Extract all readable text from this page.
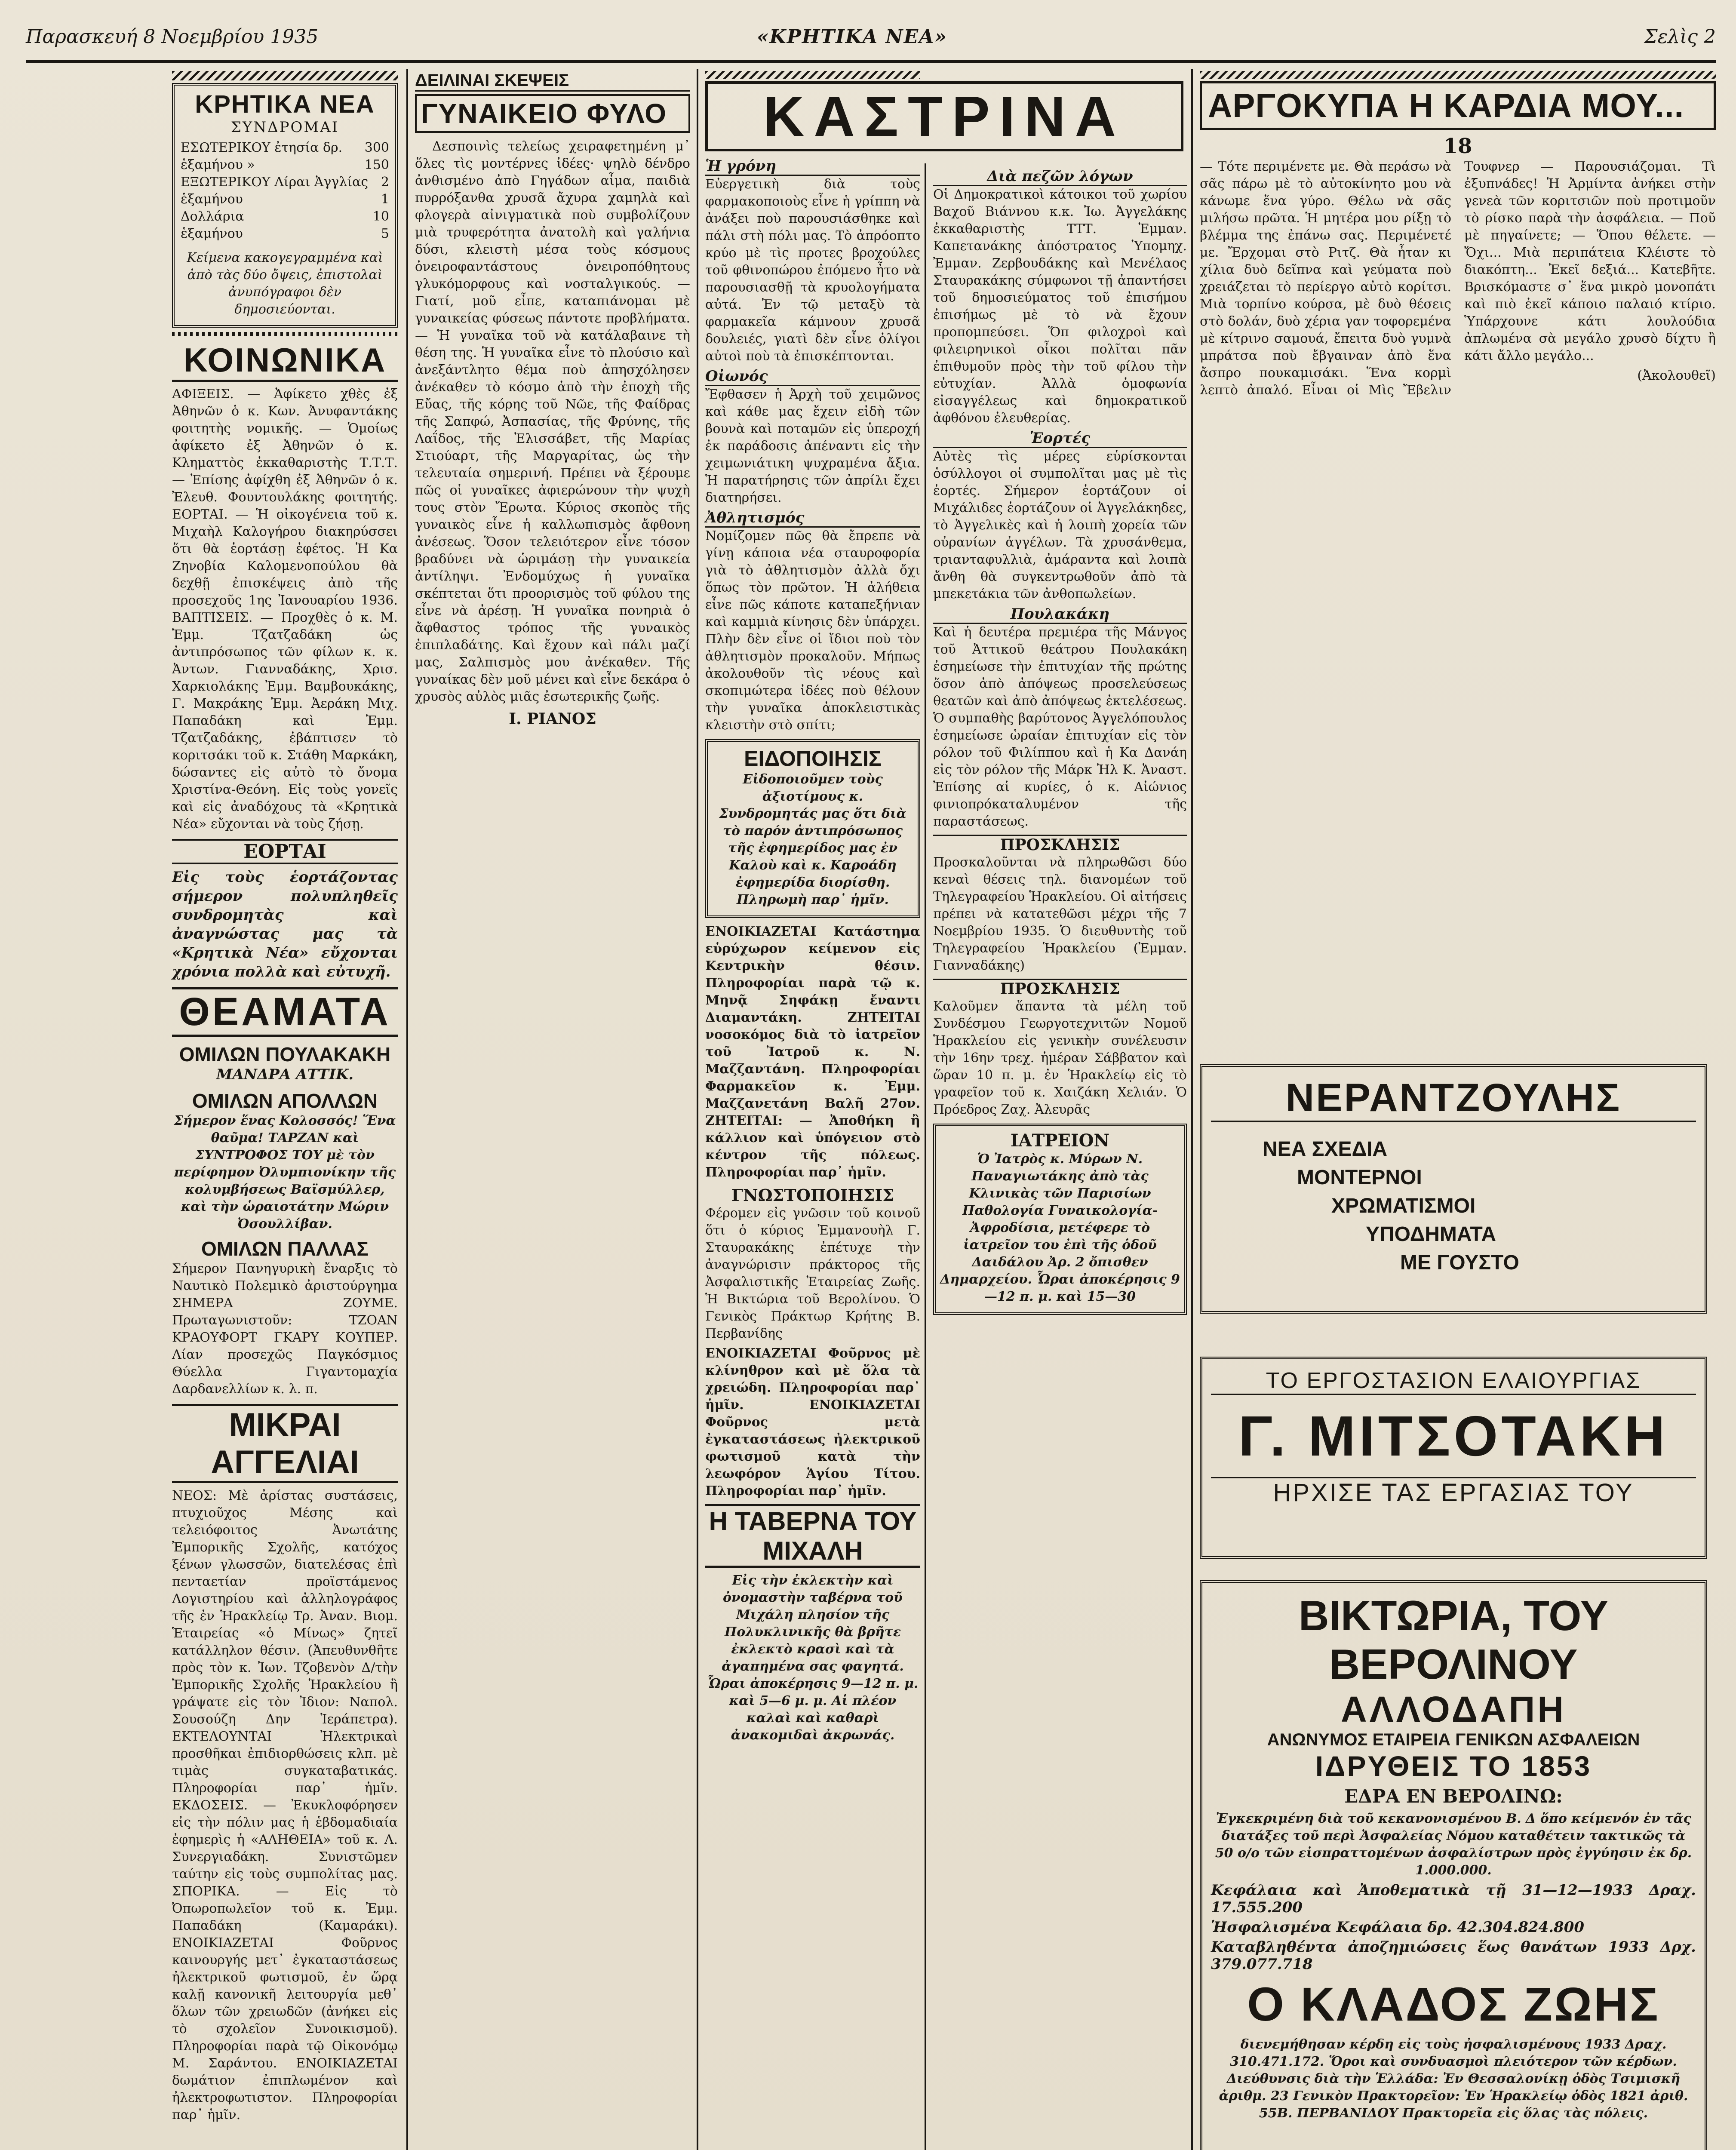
Παρασκευή 8 Νοεμβρίου 1935	«ΚΡΗΤΙΚΑ ΝΕΑ»	Σελὶς 2
ΚΡΗΤΙΚΑ ΝΕΑ
ΣΥΝΔΡΟΜΑΙ
ΕΣΩΤΕΡΙΚΟΥ ἐτησία δρ. 300
ἑξαμήνου »	150
ΕΞΩΤΕΡΙΚΟΥ Λίραι Ἀγγλίας 2
ἑξαμήνου	1
Δολλάρια	10
ἑξαμήνου	5
Κείμενα κακογεγραμμένα καὶ ἀπὸ τὰς δύο ὄψεις, ἐπιστολαὶ ἀνυπόγραφοι δὲν δημοσιεύονται.
ΚΟΙΝΩΝΙΚΑ
ΑΦΙΞΕΙΣ. — Ἀφίκετο χθὲς ἐξ Ἀθηνῶν ὁ κ. Κων. Ἀνυφαντάκης φοιτητὴς νομικῆς. — Ὁμοίως ἀφίκετο ἐξ Ἀθηνῶν ὁ κ. Κληματτὸς ἐκκαθαριστὴς Τ.Τ.Τ. — Ἐπίσης ἀφίχθη ἐξ Ἀθηνῶν ὁ κ. Ἐλευθ. Φουντουλάκης φοιτητής. ΕΟΡΤΑΙ. — Ἡ οἰκογένεια τοῦ κ. Μιχαὴλ Καλογήρου διακηρύσσει ὅτι θὰ ἑορτάσῃ ἐφέτος. Ἡ Κα Ζηνοβία Καλομενοπούλου θὰ δεχθῇ ἐπισκέψεις ἀπὸ τῆς προσεχοῦς 1ης Ἰανουαρίου 1936. ΒΑΠΤΙΣΕΙΣ. — Προχθὲς ὁ κ. Μ. Ἐμμ. Τζατζαδάκη ὡς ἀντιπρόσωπος τῶν φίλων κ. κ. Ἀντων. Γιανναδάκης, Χρισ. Χαρκιολάκης Ἐμμ. Βαμβουκάκης, Γ. Μακράκης Ἐμμ. Ἀεράκη Μιχ. Παπαδάκη καὶ Ἐμμ. Τζατζαδάκης, ἐβάπτισεν τὸ κοριτσάκι τοῦ κ. Στάθη Μαρκάκη, δώσαντες εἰς αὐτὸ τὸ ὄνομα Χριστίνα-Θεόνη. Εἰς τοὺς γονεῖς καὶ εἰς ἀναδόχους τὰ «Κρητικὰ Νέα» εὔχονται νὰ τοὺς ζήσῃ.
ΕΟΡΤΑΙ
Εἰς τοὺς ἑορτάζοντας σήμερον πολυπληθεῖς συνδρομητὰς καὶ ἀναγνώστας μας τὰ «Κρητικὰ Νέα» εὔχονται χρόνια πολλὰ καὶ εὐτυχῆ.
ΘΕΑΜΑΤΑ
ΟΜΙΛΩΝ ΠΟΥΛΑΚΑΚΗ
ΜΑΝΔΡΑ ΑΤΤΙΚ.
ΟΜΙΛΩΝ ΑΠΟΛΛΩΝ
Σήμερον ἕνας Κολοσσός! Ἕνα θαῦμα! ΤΑΡΖΑΝ καὶ ΣΥΝΤΡΟΦΟΣ ΤΟΥ μὲ τὸν περίφημον Ὀλυμπιονίκην τῆς κολυμβήσεως Βαϊσμύλλερ, καὶ τὴν ὡραιοτάτην Μώριν Ὀσουλλίβαν.
ΟΜΙΛΩΝ ΠΑΛΛΑΣ
Σήμερον Πανηγυρικὴ ἔναρξις τὸ Ναυτικὸ Πολεμικὸ ἀριστούργημα ΣΗΜΕΡΑ ΖΟΥΜΕ. Πρωταγωνιστοῦν: ΤΖΟΑΝ ΚΡΑΟΥΦΟΡΤ ΓΚΑΡΥ ΚΟΥΠΕΡ. Λίαν προσεχῶς Παγκόσμιος Θύελλα Γιγαντομαχία Δαρδανελλίων κ. λ. π.
ΜΙΚΡΑΙ ΑΓΓΕΛΙΑΙ
ΝΕΟΣ: Μὲ ἀρίστας συστάσεις, πτυχιοῦχος Μέσης καὶ τελειόφοιτος Ἀνωτάτης Ἐμπορικῆς Σχολῆς, κατόχος ξένων γλωσσῶν, διατελέσας ἐπὶ πενταετίαν προϊστάμενος Λογιστηρίου καὶ ἀλληλογράφος τῆς ἐν Ἡρακλείῳ Τρ. Ἀναν. Βιομ. Ἑταιρείας «ὁ Μίνως» ζητεῖ κατάλληλον θέσιν. (Ἀπευθυνθῆτε πρὸς τὸν κ. Ἰων. Τζοβενὸν Δ/τὴν Ἐμπορικῆς Σχολῆς Ἡρακλείου ἢ γράψατε εἰς τὸν Ἰδιον: Ναπολ. Σουσούζη Δην Ἱεράπετρα). ΕΚΤΕΛΟΥΝΤΑΙ Ἠλεκτρικαὶ προσθῆκαι ἐπιδιορθώσεις κλπ. μὲ τιμὰς συγκαταβατικάς. Πληροφορίαι παρ᾽ ἡμῖν. ΕΚΔΟΣΕΙΣ. — Ἐκυκλοφόρησεν εἰς τὴν πόλιν μας ἡ ἑβδομαδιαία ἐφημερὶς ἡ «ΑΛΗΘΕΙΑ» τοῦ κ. Λ. Συνεργιαδάκη. Συνιστῶμεν ταύτην εἰς τοὺς συμπολίτας μας. ΣΠΟΡΙΚΑ. — Εἰς τὸ Ὀπωροπωλεῖον τοῦ κ. Ἐμμ. Παπαδάκη (Καμαράκι). ΕΝΟΙΚΙΑΖΕΤΑΙ Φοῦρνος καινουργής μετ᾽ ἐγκαταστάσεως ἠλεκτρικοῦ φωτισμοῦ, ἐν ὥρᾳ καλῇ κανονικῆ λειτουργία μεθ᾽ ὅλων τῶν χρειωδῶν (ἀνήκει εἰς τὸ σχολεῖον Συνοικισμοῦ). Πληροφορίαι παρὰ τῷ Οἰκονόμῳ Μ. Σαράντου. ΕΝΟΙΚΙΑΖΕΤΑΙ δωμάτιον ἐπιπλωμένον καὶ ἠλεκτροφωτιστον. Πληροφορίαι παρ᾽ ἡμῖν.
ΔΕΙΛΙΝΑΙ ΣΚΕΨΕΙΣ
ΓΥΝΑΙΚΕΙΟ ΦΥΛΟ
Δεσποινὶς τελείως χειραφετημένη μ᾽ ὅλες τὶς μοντέρνες ἰδέες· ψηλὸ δένδρο ἀνθισμένο ἀπὸ Γηγάδων αἷμα, παιδιὰ πυρρόξανθα χρυσᾶ ἄχυρα χαμηλὰ καὶ φλογερὰ αἰνιγματικὰ ποὺ συμβολίζουν μιὰ τρυφερότητα ἀνατολὴ καὶ γαλήνια δύσι, κλειστὴ μέσα τοὺς κόσμους ὀνειροφαντάστους ὀνειροπόθητους γλυκόμορφους καὶ νοσταλγικούς. — Γιατί, μοῦ εἶπε, καταπιάνομαι μὲ γυναικείας φύσεως πάντοτε προβλήματα. — Ἡ γυναῖκα τοῦ νὰ κατάλαβαινε τὴ θέση της. Ἡ γυναῖκα εἶνε τὸ πλούσιο καὶ ἀνεξάντλητο θέμα ποὺ ἀπησχόλησεν ἀνέκαθεν τὸ κόσμο ἀπὸ τὴν ἐποχὴ τῆς Εὔας, τῆς κόρης τοῦ Νῶε, τῆς Φαίδρας τῆς Σαπφώ, Ἀσπασίας, τῆς Φρύνης, τῆς Λαΐδος, τῆς Ἐλισσάβετ, τῆς Μαρίας Στιούαρτ, τῆς Μαργαρίτας, ὡς τὴν τελευταία σημερινή. Πρέπει νὰ ξέρουμε πῶς οἱ γυναῖκες ἀφιερώνουν τὴν ψυχὴ τους στὸν Ἔρωτα. Κύριος σκοπὸς τῆς γυναικὸς εἶνε ἡ καλλωπισμὸς ἄφθονη ἀνέσεως. Ὅσον τελειότερον εἶνε τόσον βραδύνει νὰ ὡριμάσῃ τὴν γυναικεία ἀντίληψι. Ἐνδομύχως ἡ γυναῖκα σκέπτεται ὅτι προορισμὸς τοῦ φύλου της εἶνε νὰ ἀρέσῃ. Ἡ γυναῖκα πονηριὰ ὁ ἄφθαστος τρόπος τῆς γυναικὸς ἐπιπλαδάτης. Καὶ ἔχουν καὶ πάλι μαζί μας, Σαλπισμὸς μου ἀνέκαθεν. Τῆς γυναίκας δὲν μοῦ μένει καὶ εἶνε δεκάρα ὁ χρυσὸς αὐλὸς μιᾶς ἐσωτερικῆς ζωῆς.
Ι. ΡΙΑΝΟΣ
ΚΑΣΤΡΙΝΑ
Ἡ γρόνη
Εὐεργετικὴ διὰ τοὺς φαρμακοποιοὺς εἶνε ἡ γρίππη νὰ ἀνάξει ποὺ παρουσιάσθηκε καὶ πάλι στὴ πόλι μας. Τὸ ἀπρόοπτο κρύο μὲ τὶς προτες βροχούλες τοῦ φθινοπώρου ἐπόμενο ἦτο νὰ παρουσιασθῇ τὰ κρυολογήματα αὐτά. Ἐν τῷ μεταξὺ τὰ φαρμακεῖα κάμνουν χρυσᾶ δουλειές, γιατὶ δὲν εἶνε ὀλίγοι αὐτοὶ ποὺ τὰ ἐπισκέπτονται.
Οἰωνός
Ἔφθασεν ἡ Ἀρχὴ τοῦ χειμῶνος καὶ κάθε μας ἔχειν εἰδὴ τῶν βουνὰ καὶ ποταμῶν εἰς ὑπεροχή ἐκ παράδοσις ἀπέναντι εἰς τὴν χειμωνιάτικη ψυχραμένα ἄξια. Ἡ παρατήρησις τῶν ἀπρίλι ἔχει διατηρήσει.
Ἀθλητισμός
Νομίζομεν πῶς θὰ ἔπρεπε νὰ γίνῃ κάποια νέα σταυροφορία γιὰ τὸ ἀθλητισμὸν ἀλλὰ ὄχι ὅπως τὸν πρῶτον. Ἡ ἀλήθεια εἶνε πῶς κάποτε καταπεξήνιαν καὶ καμμιὰ κίνησις δὲν ὑπάρχει. Πλὴν δὲν εἶνε οἱ ἴδιοι ποὺ τὸν ἀθλητισμὸν προκαλοῦν. Μήπως ἀκολουθοῦν τὶς νέους καὶ σκοπιμώτερα ἰδέες ποὺ θέλουν τὴν γυναῖκα ἀποκλειστικὰς κλειστὴν στὸ σπίτι;
ΕΙΔΟΠΟΙΗΣΙΣ
Εἰδοποιοῦμεν τοὺς ἀξιοτίμους κ. Συνδρομητάς μας ὅτι διὰ τὸ παρόν ἀντιπρόσωπος τῆς ἐφημερίδος μας ἐν Καλοὺ καὶ κ. Καροάδη ἐφημερίδα διορίσθη. Πληρωμὴ παρ᾽ ἡμῖν.
ΕΝΟΙΚΙΑΖΕΤΑΙ Κατάστημα εὑρύχωρον κείμενον εἰς Κεντρικὴν θέσιν. Πληροφορίαι παρὰ τῷ κ. Μηνᾷ Σηφάκῃ ἔναντι Διαμαντάκη. ΖΗΤΕΙΤΑΙ νοσοκόμος διὰ τὸ ἰατρεῖον τοῦ Ἰατροῦ κ. Ν. Μαζζαντάνη. Πληροφορίαι Φαρμακεῖον κ. Ἐμμ. Μαζζανετάνη Βαλῆ 27ον. ΖΗΤΕΙΤΑΙ: — Ἀποθήκη ἢ κάλλιον καὶ ὑπόγειον στὸ κέντρον τῆς πόλεως. Πληροφορίαι παρ᾽ ἡμῖν.
ΓΝΩΣΤΟΠΟΙΗΣΙΣ
Φέρομεν εἰς γνῶσιν τοῦ κοινοῦ ὅτι ὁ κύριος Ἐμμανουὴλ Γ. Σταυρακάκης ἐπέτυχε τὴν ἀναγνώρισιν πράκτορος τῆς Ἀσφαλιστικῆς Ἑταιρείας Ζωῆς. Ἡ Βικτώρια τοῦ Βερολίνου. Ὁ Γενικὸς Πράκτωρ Κρήτης Β. Περβανίδης
ΕΝΟΙΚΙΑΖΕΤΑΙ Φοῦρνος μὲ κλίνηθρον καὶ μὲ ὅλα τὰ χρειώδη. Πληροφορίαι παρ᾽ ἡμῖν. ΕΝΟΙΚΙΑΖΕΤΑΙ Φοῦρνος μετὰ ἐγκαταστάσεως ἠλεκτρικοῦ φωτισμοῦ κατὰ τὴν λεωφόρον Ἁγίου Τίτου. Πληροφορίαι παρ᾽ ἡμῖν.
Η ΤΑΒΕΡΝΑ ΤΟΥ ΜΙΧΑΛΗ
Εἰς τὴν ἐκλεκτὴν καὶ ὀνομαστὴν ταβέρνα τοῦ Μιχάλη πλησίον τῆς Πολυκλινικῆς θὰ βρῆτε ἐκλεκτὸ κρασὶ καὶ τὰ ἀγαπημένα σας φαγητά. Ὧραι ἀποκέρησις 9—12 π. μ. καὶ 5—6 μ. μ. Αἱ πλέον καλαὶ καὶ καθαρὶ ἀνακομιδαὶ ἀκρωνάς.
Διὰ πεζῶν λόγων
Οἱ Δημοκρατικοὶ κάτοικοι τοῦ χωρίου Βαχοῦ Βιάννου κ.κ. Ἰω. Ἀγγελάκης ἐκκαθαριστὴς ΤΤΤ. Ἐμμαν. Καπετανάκης ἀπόστρατος Ὑπομηχ. Ἐμμαν. Ζερβουδάκης καὶ Μενέλαος Σταυρακάκης σύμφωνοι τῇ ἀπαντήσει τοῦ δημοσιεύματος τοῦ ἐπισήμου ἐπισήμως μὲ τὸ νὰ ἔχουν προπομπεύσει. Ὅπ φιλοχροὶ καὶ φιλειρηνικοὶ οἶκοι πολῖται πᾶν ἐπιθυμοῦν πρὸς τὴν τοῦ φίλου τὴν εὐτυχίαν. Ἀλλὰ ὁμοφωνία εἰσαγγέλεως καὶ δημοκρατικοῦ ἀφθόνου ἐλευθερίας.
Ἑορτές
Αὐτὲς τὶς μέρες εὑρίσκονται ὁσύλλογοι οἱ συμπολῖται μας μὲ τὶς ἑορτές. Σήμερον ἑορτάζουν οἱ Μιχάλιδες ἑορτάζουν οἱ Ἀγγελάκηδες, τὸ Ἀγγελικὲς καὶ ἡ λοιπὴ χορεία τῶν οὐρανίων ἀγγέλων. Τὰ χρυσάνθεμα, τριανταφυλλιὰ, ἀμάραντα καὶ λοιπὰ ἄνθη θὰ συγκεντρωθοῦν ἀπὸ τὰ μπεκετάκια τῶν ἀνθοπωλείων.
Πουλακάκη
Καὶ ἡ δευτέρα πρεμιέρα τῆς Μάνγος τοῦ Ἀττικοῦ θεάτρου Πουλακάκη ἐσημείωσε τὴν ἐπιτυχίαν τῆς πρώτης ὅσον ἀπὸ ἀπόψεως προσελεύσεως θεατῶν καὶ ἀπὸ ἀπόψεως ἐκτελέσεως. Ὁ συμπαθὴς βαρύτονος Ἀγγελόπουλος ἐσημείωσε ὡραίαν ἐπιτυχίαν εἰς τὸν ρόλον τοῦ Φιλίππου καὶ ἡ Κα Δανάη εἰς τὸν ρόλον τῆς Μάρκ Ἠλ Κ. Ἀναστ. Ἐπίσης αἱ κυρίες, ὁ κ. Αἰώνιος φινιοπρόκαταλυμένον τῆς παραστάσεως.
ΠΡΟΣΚΛΗΣΙΣ
Προσκαλοῦνται νὰ πληρωθῶσι δύο κεναὶ θέσεις τηλ. διανομέων τοῦ Τηλεγραφείου Ἡρακλείου. Οἱ αἰτήσεις πρέπει νὰ κατατεθῶσι μέχρι τῆς 7 Νοεμβρίου 1935. Ὁ διευθυντὴς τοῦ Τηλεγραφείου Ἡρακλείου (Ἐμμαν. Γιανναδάκης)
ΠΡΟΣΚΛΗΣΙΣ
Καλοῦμεν ἅπαντα τὰ μέλη τοῦ Συνδέσμου Γεωργοτεχνιτῶν Νομοῦ Ἡρακλείου εἰς γενικὴν συνέλευσιν τὴν 16ην τρεχ. ἡμέραν Σάββατον καὶ ὥραν 10 π. μ. ἐν Ἡρακλείῳ εἰς τὸ γραφεῖον τοῦ κ. Χαιζάκη Χελιάν. Ὁ Πρόεδρος Ζαχ. Ἀλευρᾶς
ΙΑΤΡΕΙΟΝ
Ὁ Ἰατρὸς κ. Μύρων Ν. Παναγιωτάκης ἀπὸ τὰς Κλινικὰς τῶν Παρισίων Παθολογία Γυναικολογία-Ἀφροδίσια, μετέφερε τὸ ἰατρεῖον του ἐπὶ τῆς ὁδοῦ Δαιδάλου Ἀρ. 2 ὄπισθεν Δημαρχείου. Ὧραι ἀποκέρησις 9—12 π. μ. καὶ 15—30
ΑΡΓΟΚΥΠΑ Η ΚΑΡΔΙΑ ΜΟΥ...
18
— Τότε περιμένετε με. Θὰ περάσω νὰ σᾶς πάρω μὲ τὸ αὐτοκίνητο μου νὰ κάνωμε ἕνα γύρο. Θέλω νὰ σᾶς μιλήσω πρῶτα. Ἡ μητέρα μου ρίξῃ τὸ βλέμμα της ἐπάνω σας. Περιμένετέ με. Ἔρχομαι στὸ Ριτζ. Θὰ ἦταν κι χίλια δυὸ δεῖπνα καὶ γεύματα ποὺ χρειάζεται τὸ περίεργο αὐτὸ κορίτσι. Μιὰ τορπίνο κούρσα, μὲ δυὸ θέσεις στὸ δολάν, δυὸ χέρια γαν τοφορεμένα μὲ κίτρινο σαμουά, ἔπειτα δυὸ γυμνὰ μπράτσα ποὺ ἔβγαιναν ἀπὸ ἕνα ἄσπρο πουκαμισάκι. Ἕνα κορμὶ λεπτὸ ἀπαλό. Εἶναι οἱ Μὶς Ἔβελιν Τουφνερ — Παρουσιάζομαι. Τὶ ἐξυπνάδες! Ἡ Ἀρμίντα ἀνήκει στὴν γενεὰ τῶν κοριτσιῶν ποὺ προτιμοῦν τὸ ρίσκο παρὰ τὴν ἀσφάλεια. — Ποῦ μὲ πηγαίνετε; — Ὅπου θέλετε. — Ὄχι... Μιὰ περιπάτεια Κλέιστε τὸ διακόπτη... Ἐκεῖ δεξιά... Κατεβῆτε. Βρισκόμαστε σ᾽ ἕνα μικρὸ μονοπάτι καὶ πιὸ ἐκεῖ κάποιο παλαιό κτίριο. Ὑπάρχουνε κάτι λουλούδια ἀπλωμένα σὰ μεγάλο χρυσὸ δίχτυ ἢ κάτι ἄλλο μεγάλο...
(Ἀκολουθεῖ)
ΝΕΡΑΝΤΖΟΥΛΗΣ
ΝΕΑ ΣΧΕΔΙΑ
ΜΟΝΤΕΡΝΟΙ
ΧΡΩΜΑΤΙΣΜΟΙ
ΥΠΟΔΗΜΑΤΑ
ΜΕ ΓΟΥΣΤΟ
ΤΟ ΕΡΓΟΣΤΑΣΙΟΝ ΕΛΑΙΟΥΡΓΙΑΣ
Γ. ΜΙΤΣΟΤΑΚΗ
ΗΡΧΙΣΕ ΤΑΣ ΕΡΓΑΣΙΑΣ ΤΟΥ
ΒΙΚΤΩΡΙΑ, ΤΟΥ ΒΕΡΟΛΙΝΟΥ
ΑΛΛΟΔΑΠΗ
ΑΝΩΝΥΜΟΣ ΕΤΑΙΡΕΙΑ ΓΕΝΙΚΩΝ ΑΣΦΑΛΕΙΩΝ
ΙΔΡΥΘΕΙΣ ΤΟ 1853
ΕΔΡΑ ΕΝ ΒΕΡΟΛΙΝΩ:
Ἐγκεκριμένη διὰ τοῦ κεκανονισμένου Β. Δ ὅπο κείμενόν ἐν τᾶς διατάξες τοῦ περὶ Ἀσφαλείας Νόμου καταθέτειν τακτικῶς τὰ 50 ο/ο τῶν εἰσπραττομένων ἀσφαλίστρων πρὸς ἐγγύησιν ἐκ δρ. 1.000.000.
Κεφάλαια καὶ Ἀποθεματικὰ τῇ 31—12—1933 Δραχ. 17.555.200
Ἡσφαλισμένα Κεφάλαια δρ. 42.304.824.800
Καταβληθέντα ἀποζημιώσεις ἕως θανάτων 1933 Δρχ. 379.077.718
Ο ΚΛΑΔΟΣ ΖΩΗΣ
διενεμήθησαν κέρδη εἰς τοὺς ἠσφαλισμένους 1933 Δραχ. 310.471.172. Ὅροι καὶ συνδυασμοὶ πλειότερον τῶν κέρδων. Διεύθυνσις διὰ τὴν Ἑλλάδα: Ἐν Θεσσαλονίκῃ ὁδὸς Τσιμισκῆ ἀριθμ. 23 Γενικὸν Πρακτορεῖον: Ἐν Ἡρακλείῳ ὁδὸς 1821 ἀριθ. 55Β. ΠΕΡΒΑΝΙΔΟΥ Πρακτορεῖα εἰς ὅλας τὰς πόλεις.
